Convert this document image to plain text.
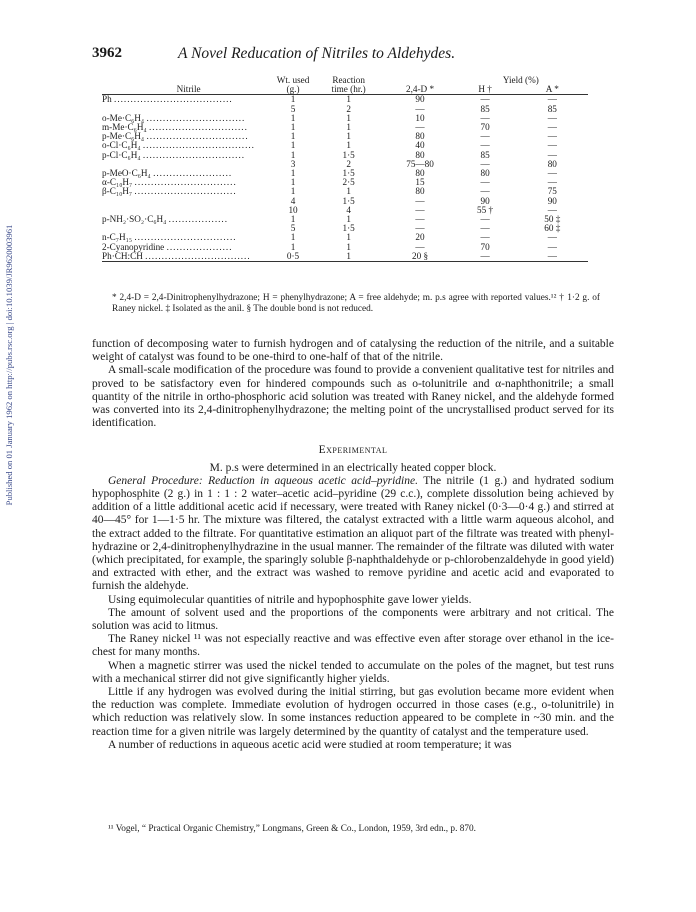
Published on 01 January 1962 on http://pubs.rsc.org | doi:10.1039/JR9620003961
3962	A Novel Reducation of Nitriles to Aldehydes.
	Wt. used	Reaction		Yield (%)	
Nitrile	(g.)	time (hr.)	2,4-D *	H †	A *
Ph ....................................	1	1	90	—	—
	5	2	—	85	85
o-Me·C₆H₄ ..............................	1	1	10	—	—
m-Me·C₆H₄ ..............................	1	1	—	70	—
p-Me·C₆H₄ ...............................	1	1	80	—	—
o-Cl·C₆H₄ ..................................	1	1	40	—	—
p-Cl·C₆H₄ ...............................	1	1·5	80	85	—
	3	2	75—80	—	80
p-MeO·C₆H₄ ........................	1	1·5	80	80	—
α-C₁₀H₇ ...............................	1	2·5	15	—	—
β-C₁₀H₇ ...............................	1	1	80	—	75
	4	1·5	—	90	90
	10	4	—	55 †	—
p-NH₂·SO₂·C₆H₄ ..................	1	1	—	—	50 ‡
	5	1·5	—	—	60 ‡
n-C₇H₁₅ ...............................	1	1	20	—	—
2-Cyanopyridine ....................	1	1	—	70	—
Ph·CH:CH ................................	0·5	1	20 §	—	—
* 2,4-D = 2,4-Dinitrophenylhydrazone; H = phenylhydrazone; A = free aldehyde; m. p.s agree with reported values.¹² † 1·2 g. of Raney nickel. ‡ Isolated as the anil. § The double bond is not reduced.

function of decomposing water to furnish hydrogen and of catalysing the reduction of the nitrile, and a suitable weight of catalyst was found to be one-third to one-half of that of the nitrile.

A small-scale modification of the procedure was found to provide a convenient qualitative test for nitriles and proved to be satisfactory even for hindered compounds such as o-tolunitrile and α-naphthonitrile; a small quantity of the nitrile in ortho-phosphoric acid solution was treated with Raney nickel, and the aldehyde formed was converted into its 2,4-dinitrophenylhydrazone; the melting point of the uncrystallised product served for its identification.

Experimental

M. p.s were determined in an electrically heated copper block.

General Procedure: Reduction in aqueous acetic acid–pyridine. The nitrile (1 g.) and hydrated sodium hypophosphite (2 g.) in 1 : 1 : 2 water–acetic acid–pyridine (29 c.c.), complete dissolution being achieved by addition of a little additional acetic acid if necessary, were treated with Raney nickel (0·3—0·4 g.) and stirred at 40—45° for 1—1·5 hr. The mixture was filtered, the catalyst extracted with a little warm aqueous alcohol, and the extract added to the filtrate. For quantitative estimation an aliquot part of the filtrate was treated with phenyl-hydrazine or 2,4-dinitrophenylhydrazine in the usual manner. The remainder of the filtrate was diluted with water (which precipitated, for example, the sparingly soluble β-naphthaldehyde or p-chlorobenzaldehyde in good yield) and extracted with ether, and the extract was washed to remove pyridine and acetic acid and evaporated to furnish the aldehyde.

Using equimolecular quantities of nitrile and hypophosphite gave lower yields.

The amount of solvent used and the proportions of the components were arbitrary and not critical. The solution was acid to litmus.

The Raney nickel ¹¹ was not especially reactive and was effective even after storage over ethanol in the ice-chest for many months.

When a magnetic stirrer was used the nickel tended to accumulate on the poles of the magnet, but test runs with a mechanical stirrer did not give significantly higher yields.

Little if any hydrogen was evolved during the initial stirring, but gas evolution became more evident when the reduction was complete. Immediate evolution of hydrogen occurred in those cases (e.g., o-tolunitrile) in which reduction was relatively slow. In some instances reduction appeared to be complete in ~30 min. and the reaction time for a given nitrile was largely determined by the quantity of catalyst and the temperature used.

A number of reductions in aqueous acetic acid were studied at room temperature; it was

¹¹ Vogel, “ Practical Organic Chemistry,” Longmans, Green & Co., London, 1959, 3rd edn., p. 870.
